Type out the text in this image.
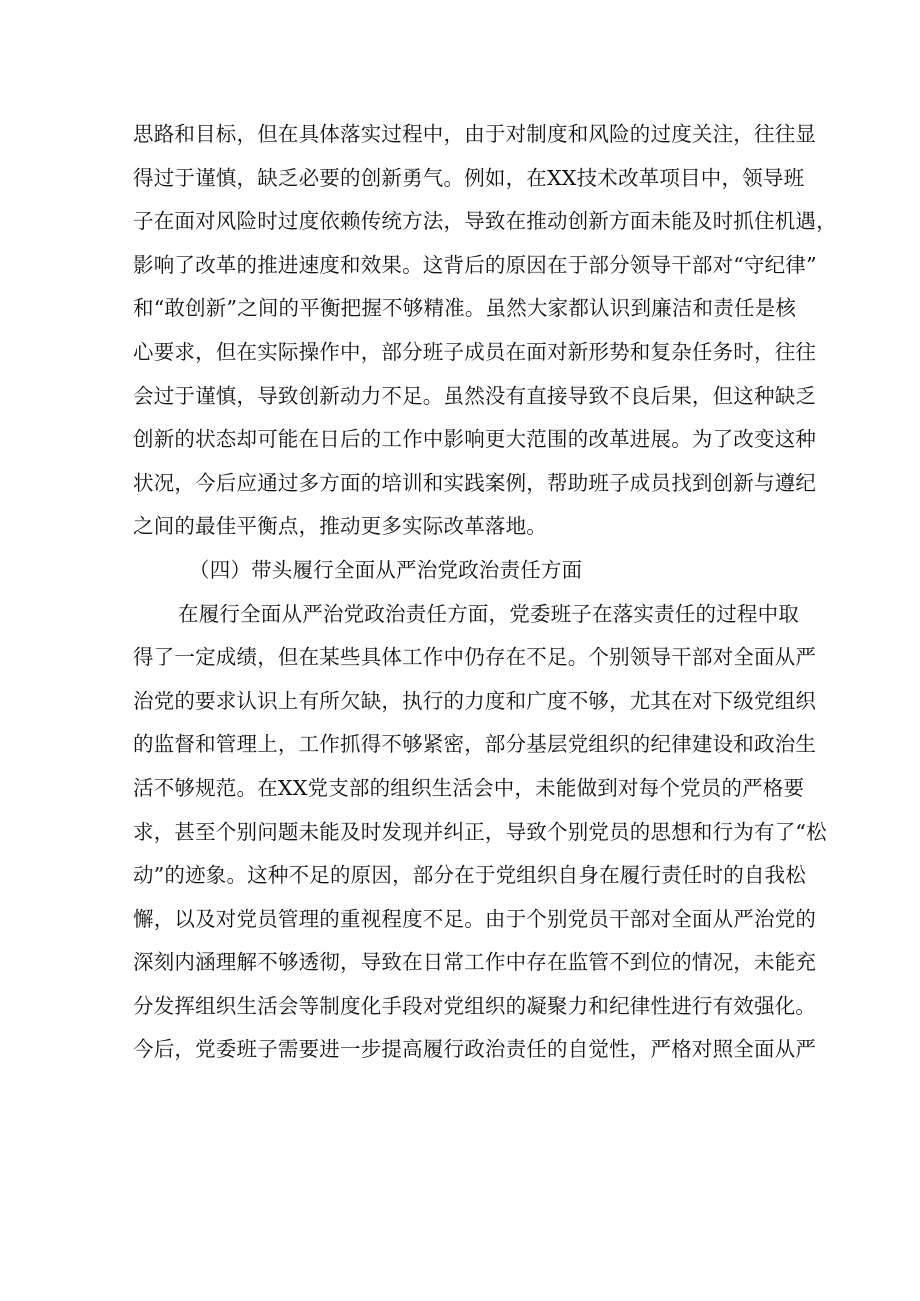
思路和目标，但在具体落实过程中，由于对制度和风险的过度关注，往往显
得过于谨慎，缺乏必要的创新勇气。例如，在XX技术改革项目中，领导班
子在面对风险时过度依赖传统方法，导致在推动创新方面未能及时抓住机遇，
影响了改革的推进速度和效果。这背后的原因在于部分领导干部对“守纪律”
和“敢创新”之间的平衡把握不够精准。虽然大家都认识到廉洁和责任是核
心要求，但在实际操作中，部分班子成员在面对新形势和复杂任务时，往往
会过于谨慎，导致创新动力不足。虽然没有直接导致不良后果，但这种缺乏
创新的状态却可能在日后的工作中影响更大范围的改革进展。为了改变这种
状况，今后应通过多方面的培训和实践案例，帮助班子成员找到创新与遵纪
之间的最佳平衡点，推动更多实际改革落地。
（四）带头履行全面从严治党政治责任方面
在履行全面从严治党政治责任方面，党委班子在落实责任的过程中取
得了一定成绩，但在某些具体工作中仍存在不足。个别领导干部对全面从严
治党的要求认识上有所欠缺，执行的力度和广度不够，尤其在对下级党组织
的监督和管理上，工作抓得不够紧密，部分基层党组织的纪律建设和政治生
活不够规范。在XX党支部的组织生活会中，未能做到对每个党员的严格要
求，甚至个别问题未能及时发现并纠正，导致个别党员的思想和行为有了“松
动”的迹象。这种不足的原因，部分在于党组织自身在履行责任时的自我松
懈，以及对党员管理的重视程度不足。由于个别党员干部对全面从严治党的
深刻内涵理解不够透彻，导致在日常工作中存在监管不到位的情况，未能充
分发挥组织生活会等制度化手段对党组织的凝聚力和纪律性进行有效强化。
今后，党委班子需要进一步提高履行政治责任的自觉性，严格对照全面从严
